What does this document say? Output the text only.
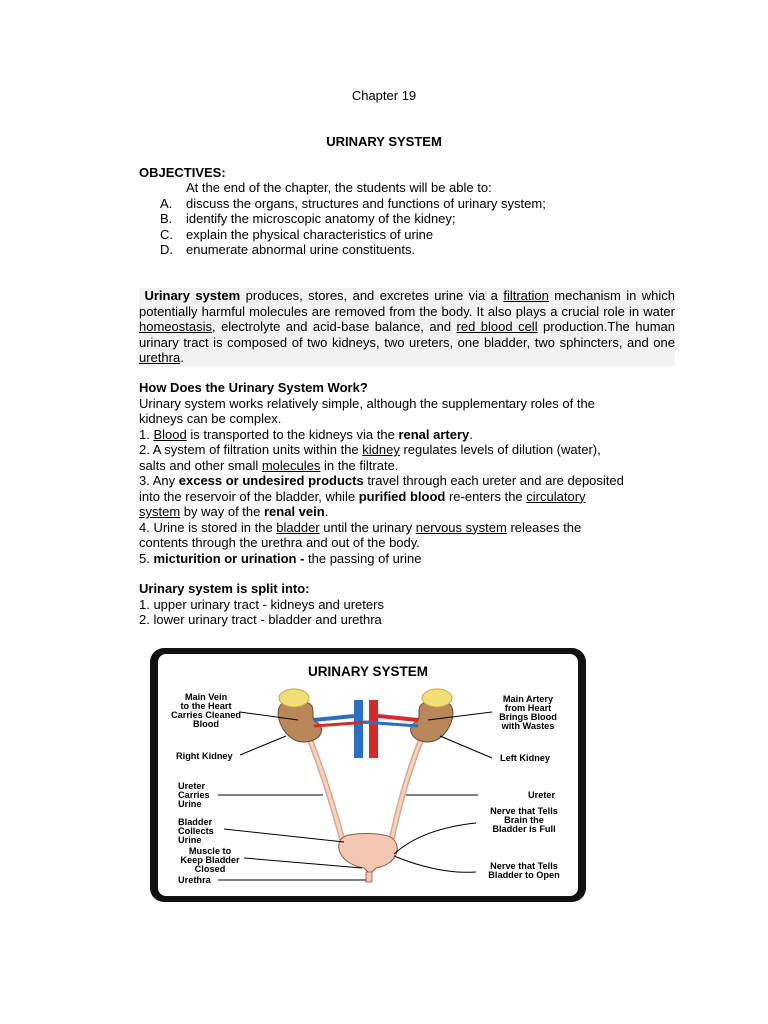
Chapter 19
URINARY SYSTEM
OBJECTIVES:
At the end of the chapter, the students will be able to:
A. discuss the organs, structures and functions of urinary system;
B. identify the microscopic anatomy of the kidney;
C. explain the physical characteristics of urine
D. enumerate abnormal urine constituents.
Urinary system produces, stores, and excretes urine via a filtration mechanism in which potentially harmful molecules are removed from the body. It also plays a crucial role in water homeostasis, electrolyte and acid-base balance, and red blood cell production.The human urinary tract is composed of two kidneys, two ureters, one bladder, two sphincters, and one urethra.
How Does the Urinary System Work?
Urinary system works relatively simple, although the supplementary roles of the
kidneys can be complex.
1. Blood is transported to the kidneys via the renal artery.
2. A system of filtration units within the kidney regulates levels of dilution (water),
salts and other small molecules in the filtrate.
3. Any excess or undesired products travel through each ureter and are deposited
into the reservoir of the bladder, while purified blood re-enters the circulatory
system by way of the renal vein.
4. Urine is stored in the bladder until the urinary nervous system releases the
contents through the urethra and out of the body.
5. micturition or urination - the passing of urine
Urinary system is split into:
1. upper urinary tract - kidneys and ureters
2. lower urinary tract - bladder and urethra
URINARY SYSTEM
Main Vein
to the Heart
Carries Cleaned
Blood
Right Kidney
Ureter
Carries
Urine
Bladder
Collects
Urine
Muscle to
Keep Bladder
Closed
Urethra
Main Artery
from Heart
Brings Blood
with Wastes
Left Kidney
Ureter
Nerve that Tells
Brain the
Bladder is Full
Nerve that Tells
Bladder to Open
